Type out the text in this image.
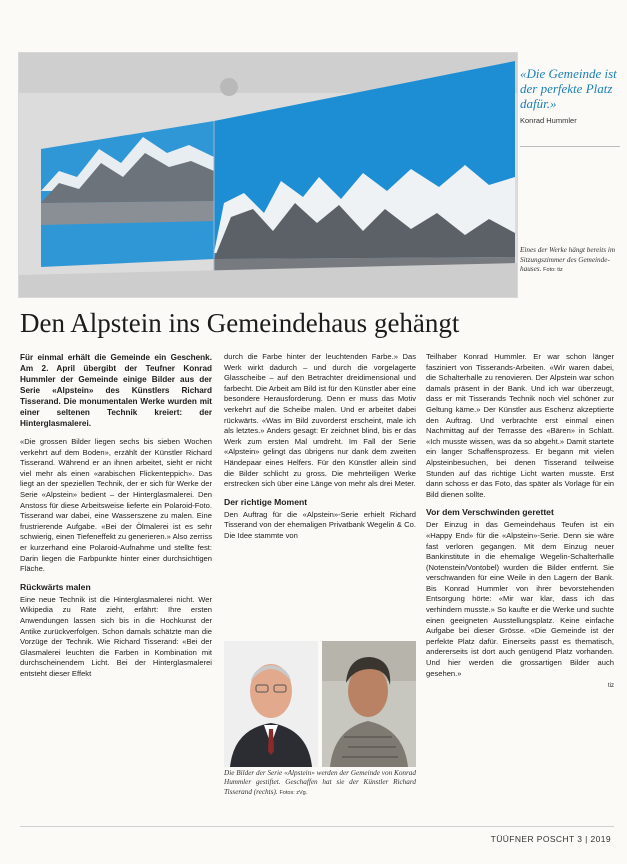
«Die Gemeinde ist der perfekte Platz dafür.»
Konrad Hummler
Eines der Werke hängt bereits im Sitzungszimmer des Gemeindehauses. Foto: tiz
Den Alpstein ins Gemeindehaus gehängt

Für einmal erhält die Gemeinde ein Geschenk. Am 2. April übergibt der Teufner Konrad Hummler der Gemeinde einige Bilder aus der Serie «Alpstein» des Künstlers Richard Tisserand. Die monumentalen Werke wurden mit einer seltenen Technik kreiert: der Hinterglasmalerei.

«Die grossen Bilder liegen sechs bis sieben Wochen verkehrt auf dem Boden», erzählt der Künstler Richard Tisserand. Während er an ihnen arbeitet, sieht er nicht viel mehr als einen «arabischen Flickenteppich». Das liegt an der speziellen Technik, der er sich für Werke der Serie «Alpstein» bedient – der Hinterglasmalerei. Den Anstoss für diese Arbeitsweise lieferte ein Polaroid-Foto. Tisserand war dabei, eine Wasserszene zu malen. Eine frustrierende Aufgabe. «Bei der Ölmalerei ist es sehr schwierig, einen Tiefeneffekt zu generieren.» Also zerriss er kurzerhand eine Polaroid-Aufnahme und stellte fest: Darin liegen die Farbpunkte hinter einer durchsichtigen Fläche.

Rückwärts malen

Eine neue Technik ist die Hinterglasmalerei nicht. Wer Wikipedia zu Rate zieht, erfährt: Ihre ersten Anwendungen lassen sich bis in die Hochkunst der Antike zurückverfolgen. Schon damals schätzte man die Vorzüge der Technik. Wie Richard Tisserand: «Bei der Glasmalerei leuchten die Farben in Kombination mit durchscheinendem Licht. Bei der Hinterglasmalerei entsteht dieser Effekt

durch die Farbe hinter der leuchtenden Farbe.» Das Werk wirkt dadurch – und durch die vorgelagerte Glasscheibe – auf den Betrachter dreidimensional und farbecht. Die Arbeit am Bild ist für den Künstler aber eine besondere Herausforderung. Denn er muss das Motiv verkehrt auf die Scheibe malen. Und er arbeitet dabei rückwärts. «Was im Bild zuvorderst erscheint, male ich als letztes.» Anders gesagt: Er zeichnet blind, bis er das Werk zum ersten Mal umdreht. Im Fall der Serie «Alpstein» gelingt das übrigens nur dank dem zweiten Händepaar eines Helfers. Für den Künstler allein sind die Bilder schlicht zu gross. Die mehrteiligen Werke erstrecken sich über eine Länge von mehr als drei Meter.

Der richtige Moment

Den Auftrag für die «Alpstein»-Serie erhielt Richard Tisserand von der ehemaligen Privatbank Wegelin & Co. Die Idee stammte von

Die Bilder der Serie «Alpstein» werden der Gemeinde von Konrad Hummler gestiftet. Geschaffen hat sie der Künstler Richard Tisserand (rechts). Fotos: zVg.

Teilhaber Konrad Hummler. Er war schon länger fasziniert von Tisserands-Arbeiten. «Wir waren dabei, die Schalterhalle zu renovieren. Der Alpstein war schon damals präsent in der Bank. Und ich war überzeugt, dass er mit Tisserands Technik noch viel schöner zur Geltung käme.» Der Künstler aus Eschenz akzeptierte den Auftrag. Und verbrachte erst einmal einen Nachmittag auf der Terrasse des «Bären» in Schlatt. «Ich musste wissen, was da so abgeht.» Damit startete ein langer Schaffensprozess. Er begann mit vielen Alpsteinbesuchen, bei denen Tisserand teilweise Stunden auf das richtige Licht warten musste. Erst dann schoss er das Foto, das später als Vorlage für ein Bild dienen sollte.

Vor dem Verschwinden gerettet

Der Einzug in das Gemeindehaus Teufen ist ein «Happy End» für die «Alpstein»-Serie. Denn sie wäre fast verloren gegangen. Mit dem Einzug neuer Bankinstitute in die ehemalige Wegelin-Schalterhalle (Notenstein/Vontobel) wurden die Bilder entfernt. Sie verschwanden für eine Weile in den Lagern der Bank. Bis Konrad Hummler von ihrer bevorstehenden Entsorgung hörte: «Mir war klar, dass ich das verhindern musste.» So kaufte er die Werke und suchte einen geeigneten Ausstellungsplatz. Keine einfache Aufgabe bei dieser Grösse. «Die Gemeinde ist der perfekte Platz dafür. Einerseits passt es thematisch, andererseits ist dort auch genügend Platz vorhanden. Und hier werden die grossartigen Bilder auch gesehen.»

tiz

TÜÜFNER POSCHT 3 | 2019
